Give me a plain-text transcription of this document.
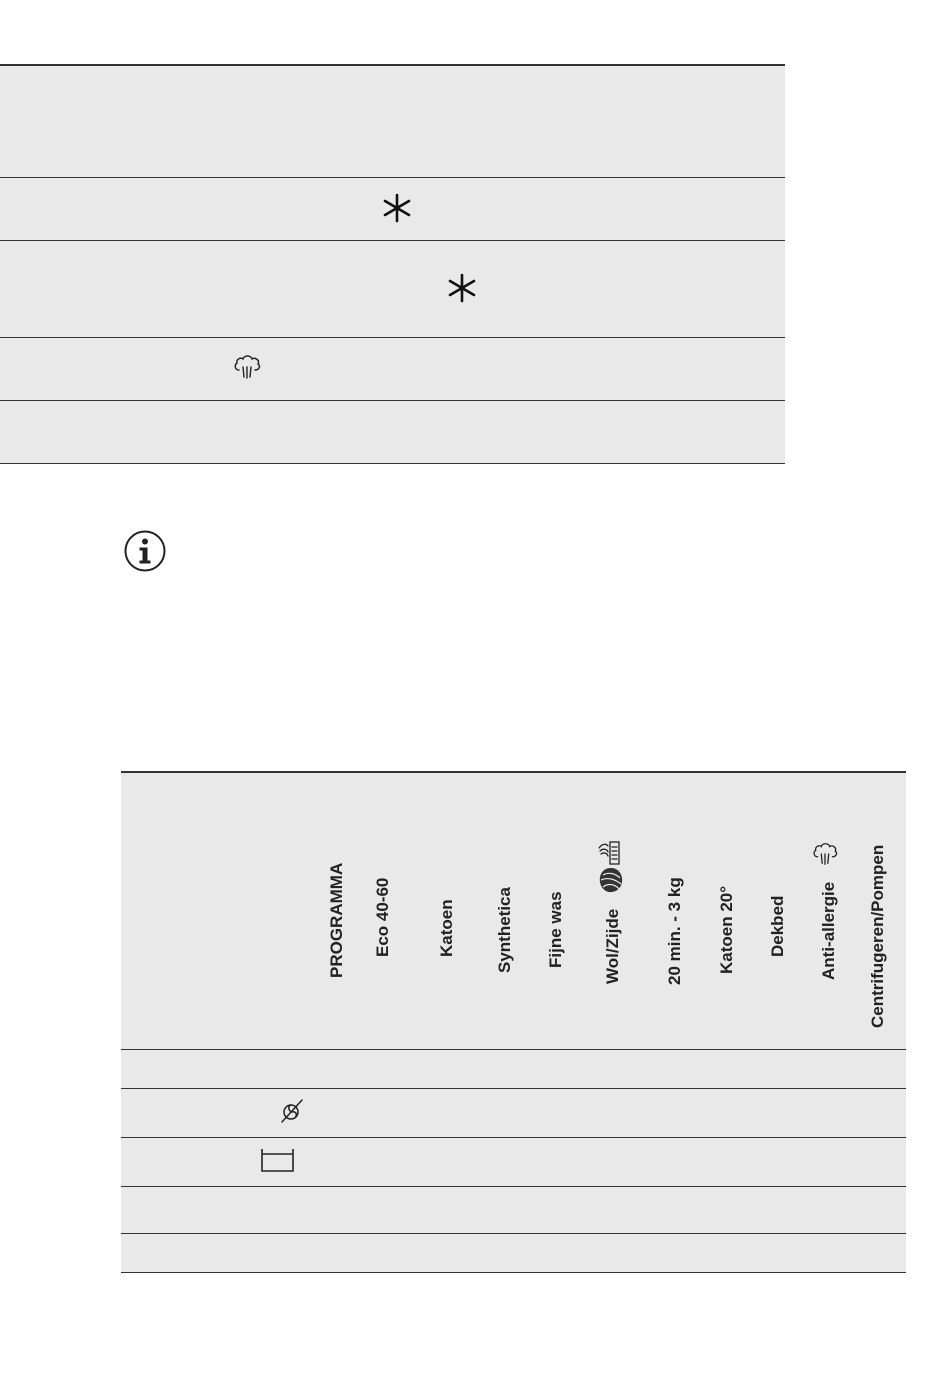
PROGRAMMA Eco 40-60	Katoen Synthetica Fijne was Wol/Zijde	20 min. - 3 kg Katoen 20° Dekbed Anti-allergie Centrifugeren/Pompen
